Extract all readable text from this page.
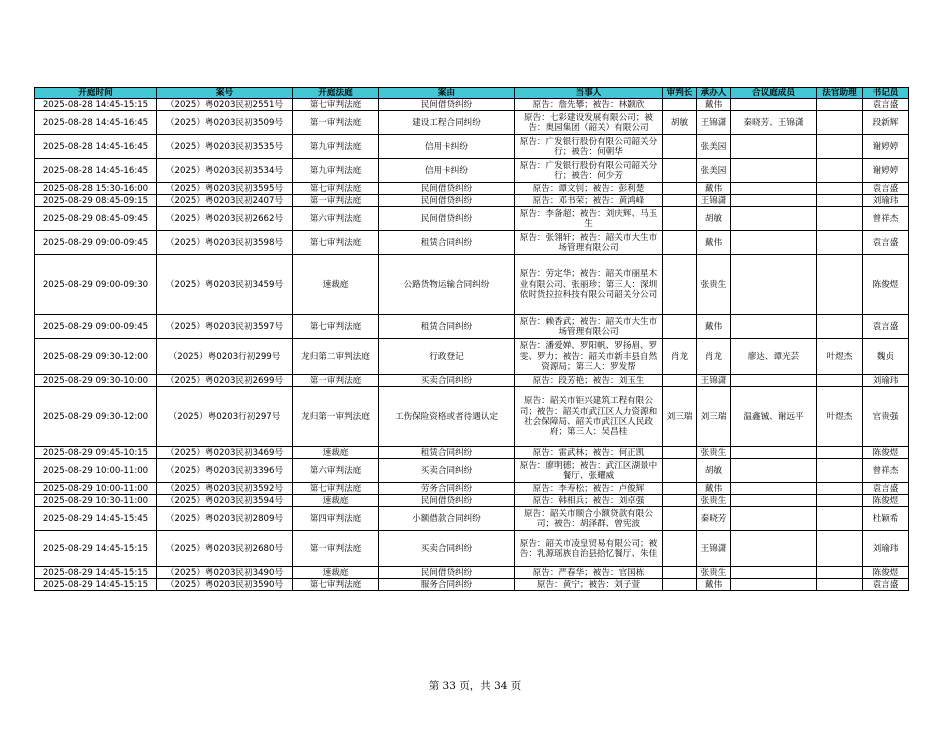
开庭时间	案号	开庭法庭	案由	当事人	审判长	承办人	合议庭成员	法官助理	书记员
2025-08-28 14:45-15:15	（2025）粤0203民初2551号	第七审判法庭	民间借贷纠纷	原告：詹先攀；被告：林颢欣		戴伟			袁言盛
2025-08-28 14:45-16:45	（2025）粤0203民初3509号	第一审判法庭	建设工程合同纠纷	原告：七彩建设发展有限公司；被告：奥园集团（韶关）有限公司	胡敏	王锦潇	秦晓芳、王锦潇		段新辉
2025-08-28 14:45-16:45	（2025）粤0203民初3535号	第九审判法庭	信用卡纠纷	原告：广发银行股份有限公司韶关分行；被告：何朝华		张美园			谢婷婷
2025-08-28 14:45-16:45	（2025）粤0203民初3534号	第九审判法庭	信用卡纠纷	原告：广发银行股份有限公司韶关分行；被告：何少芳		张美园			谢婷婷
2025-08-28 15:30-16:00	（2025）粤0203民初3595号	第七审判法庭	民间借贷纠纷	原告：谭文钊；被告：彭利楚		戴伟			袁言盛
2025-08-29 08:45-09:15	（2025）粤0203民初2407号	第一审判法庭	民间借贷纠纷	原告：邓书荣；被告：黄鸿峰		王锦潇			刘瑜玮
2025-08-29 08:45-09:45	（2025）粤0203民初2662号	第六审判法庭	民间借贷纠纷	原告：李备超；被告：刘庆辉、马玉生		胡敏			曾祥杰
2025-08-29 09:00-09:45	（2025）粤0203民初3598号	第七审判法庭	租赁合同纠纷	原告：张翎轩；被告：韶关市大生市场管理有限公司		戴伟			袁言盛
2025-08-29 09:00-09:30	（2025）粤0203民初3459号	速裁庭	公路货物运输合同纠纷	原告：劳定华；被告：韶关市丽星木业有限公司、张丽珍；第三人：深圳依时货拉拉科技有限公司韶关分公司		张贵生			陈俊煜
2025-08-29 09:00-09:45	（2025）粤0203民初3597号	第七审判法庭	租赁合同纠纷	原告：赖香武；被告：韶关市大生市场管理有限公司		戴伟			袁言盛
2025-08-29 09:30-12:00	（2025）粤0203行初299号	龙归第二审判法庭	行政登记	原告：潘爱婵、罗阳帆、罗扬眉、罗雯、罗力；被告：韶关市新丰县自然资源局；第三人：罗发帮	肖龙	肖龙	廖达、谭光芸	叶煜杰	魏贞
2025-08-29 09:30-10:00	（2025）粤0203民初2699号	第一审判法庭	买卖合同纠纷	原告：段芳艳；被告：刘玉生		王锦潇			刘瑜玮
2025-08-29 09:30-12:00	（2025）粤0203行初297号	龙归第一审判法庭	工伤保险资格或者待遇认定	原告：韶关市钜兴建筑工程有限公司；被告：韶关市武江区人力资源和社会保障局、韶关市武江区人民政府；第三人：吴昌桂	刘三瑞	刘三瑞	温鑫铖、谢远平	叶煜杰	官贵强
2025-08-29 09:45-10:15	（2025）粤0203民初3469号	速裁庭	租赁合同纠纷	原告：雷武林；被告：何正凯		张贵生			陈俊煜
2025-08-29 10:00-11:00	（2025）粤0203民初3396号	第六审判法庭	买卖合同纠纷	原告：廖明德；被告：武江区湖景中餐厅、张耀威		胡敏			曾祥杰
2025-08-29 10:00-11:00	（2025）粤0203民初3592号	第七审判法庭	劳务合同纠纷	原告：李寿松；被告：卢俊辉		戴伟			袁言盛
2025-08-29 10:30-11:00	（2025）粤0203民初3594号	速裁庭	民间借贷纠纷	原告：韩相兵；被告：刘卓强		张贵生			陈俊煜
2025-08-29 14:45-15:45	（2025）粤0203民初2809号	第四审判法庭	小额借款合同纠纷	原告：韶关市顺合小额贷款有限公司；被告：胡泽群、曾宪波		秦晓芳			杜颖希
2025-08-29 14:45-15:15	（2025）粤0203民初2680号	第一审判法庭	买卖合同纠纷	原告：韶关市凌皇贸易有限公司；被告：乳源瑶族自治县拾忆餐厅、朱佳		王锦潇			刘瑜玮
2025-08-29 14:45-15:15	（2025）粤0203民初3490号	速裁庭	民间借贷纠纷	原告：严春华；被告：官国栋		张贵生			陈俊煜
2025-08-29 14:45-15:15	（2025）粤0203民初3590号	第七审判法庭	服务合同纠纷	原告：黄宁；被告：刘子萱		戴伟			袁言盛
第 33 页，共 34 页
